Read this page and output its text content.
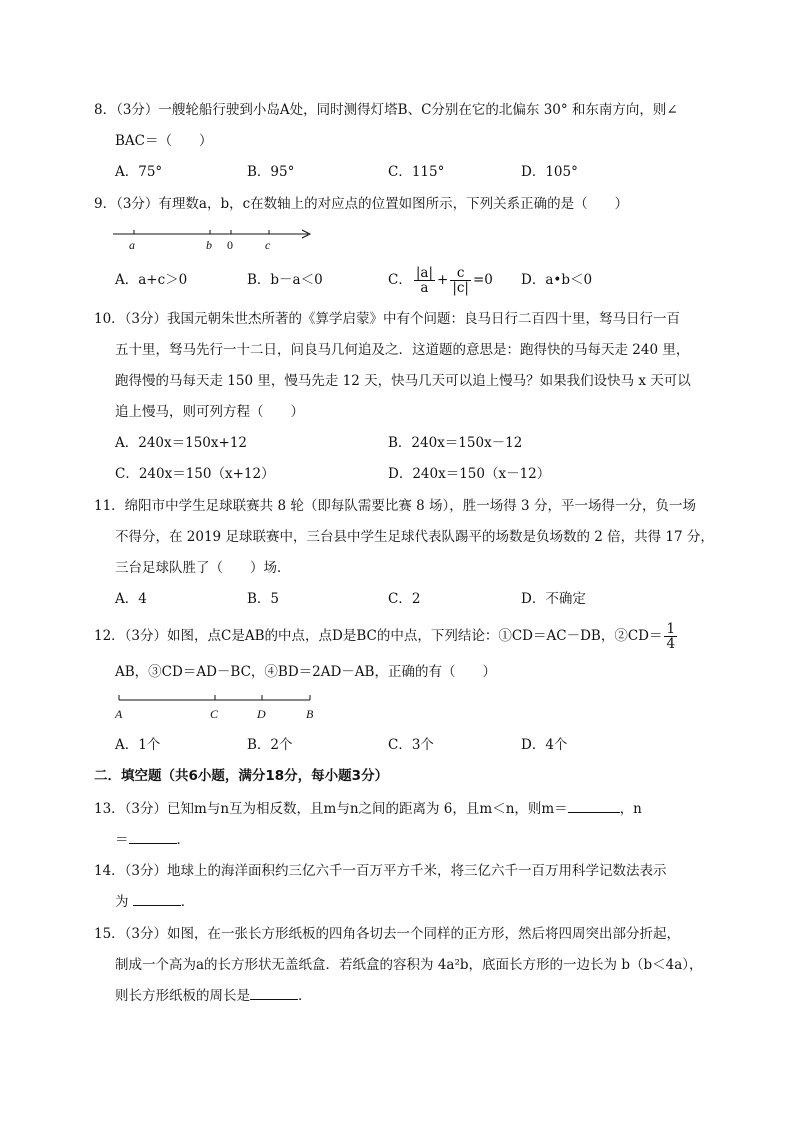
8．（3分）一艘轮船行驶到小岛A处，同时测得灯塔B、C分别在它的北偏东 30° 和东南方向，则∠
BAC＝（　　）
A．75°	B．95°	C．115°	D．105°
9．（3分）有理数a，b，c在数轴上的对应点的位置如图所示，下列关系正确的是（　　）
a	b 0	c
A．a+c＞0	B．b－a＜0	C． $\frac{|a|}{a} + \frac{c}{|c|} =0$ D．a•b＜0
10．（3分）我国元朝朱世杰所著的《算学启蒙》中有个问题：良马日行二百四十里，驽马日行一百
五十里，驽马先行一十二日，问良马几何追及之．这道题的意思是：跑得快的马每天走 240 里，
跑得慢的马每天走 150 里，慢马先走 12 天，快马几天可以追上慢马？如果我们设快马 x 天可以
追上慢马，则可列方程（　　）
A．240x＝150x+12	B．240x＝150x－12
C．240x＝150（x+12）	D．240x＝150（x－12）
11．绵阳市中学生足球联赛共 8 轮（即每队需要比赛 8 场），胜一场得 3 分，平一场得一分，负一场
不得分，在 2019 足球联赛中，三台县中学生足球代表队踢平的场数是负场数的 2 倍，共得 17 分，
三台足球队胜了（　　）场．
A．4	B．5	C．2	D．不确定
12．（3分）如图，点C是AB的中点，点D是BC的中点，下列结论：①CD＝AC－DB，②CD＝ $\frac{1}{4}$
AB，③CD＝AD－BC，④BD＝2AD－AB，正确的有（　　）
A	C	D	B
A．1个	B．2个	C．3个	D．4个
二．填空题（共6小题，满分18分，每小题3分）
13．（3分）已知m与n互为相反数，且m与n之间的距离为 6，且m＜n，则m＝	，n
＝	．
14．（3分）地球上的海洋面积约三亿六千一百万平方千米，将三亿六千一百万用科学记数法表示
为	．
15．（3分）如图，在一张长方形纸板的四角各切去一个同样的正方形，然后将四周突出部分折起，
制成一个高为a的长方形状无盖纸盒．若纸盒的容积为 4a²b，底面长方形的一边长为 b（b＜4a），
则长方形纸板的周长是	．
